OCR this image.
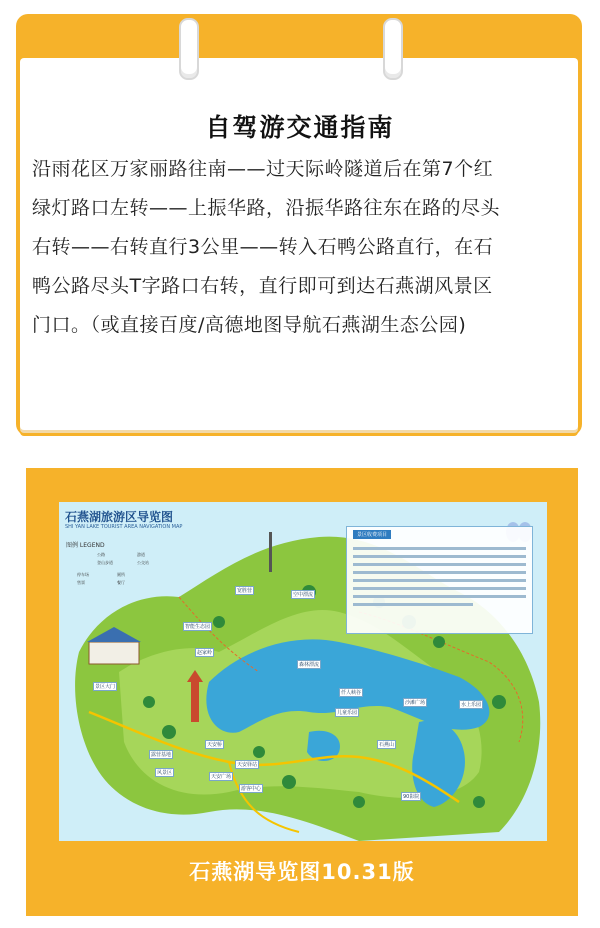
自驾游交通指南
沿雨花区万家丽路往南——过天际岭隧道后在第7个红
绿灯路口左转——上振华路，沿振华路往东在路的尽头
右转——右转直行3公里——转入石鸭公路直行，在石
鸭公路尽头T字路口右转，直行即可到达石燕湖风景区
门口。（或直接百度/高德地图导航石燕湖生态公园)
石燕湖旅游区导览图
SHI YAN LAKE TOURIST AREA NAVIGATION MAP
图例 LEGEND
公路	游道
登山步道	公交站
停车场	厕所
售票	餐厅
景区收费项目
景区大门
森林漂流
天安桥	石燕山
沙滩广场	水上乐园
空中漂流
宽胜营
仟人峡谷
赵家岭
智能生态园
儿童乐园
风景区
游客中心
天安驿站
90影院
露营基地
天安广场
石燕湖导览图10.31版
